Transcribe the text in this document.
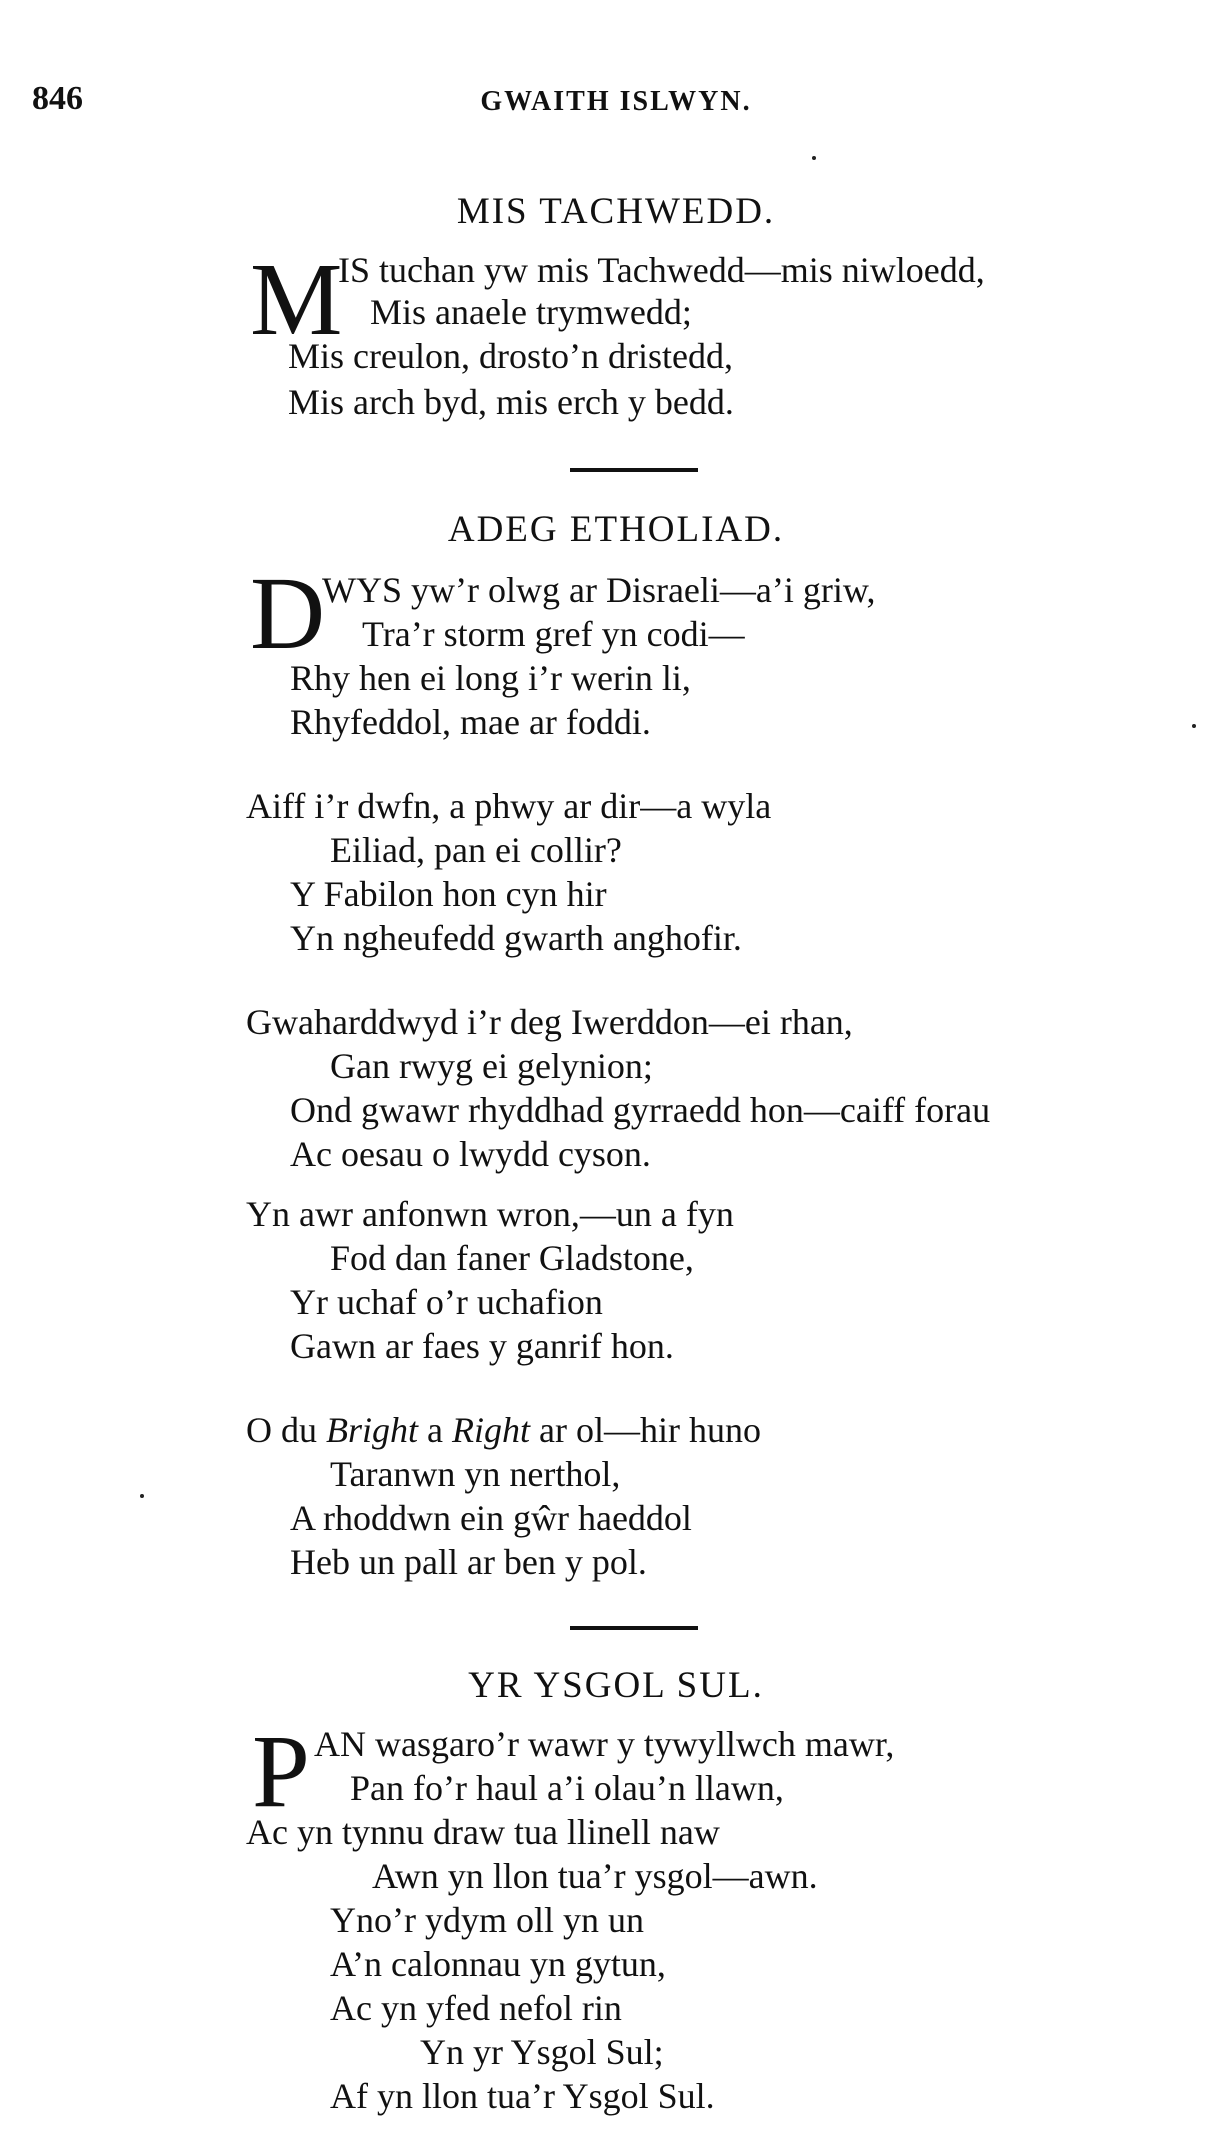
846	GWAITH ISLWYN.
MIS TACHWEDD.
M
IS tuchan yw mis Tachwedd—mis niwloedd,
Mis anaele trymwedd;
Mis creulon, drosto’n dristedd,
Mis arch byd, mis erch y bedd.
ADEG ETHOLIAD.
D
WYS yw’r olwg ar Disraeli—a’i griw,
Tra’r storm gref yn codi—
Rhy hen ei long i’r werin li,
Rhyfeddol, mae ar foddi.
Aiff i’r dwfn, a phwy ar dir—a wyla
Eiliad, pan ei collir?
Y Fabilon hon cyn hir
Yn ngheufedd gwarth anghofir.
Gwaharddwyd i’r deg Iwerddon—ei rhan,
Gan rwyg ei gelynion;
Ond gwawr rhyddhad gyrraedd hon—caiff forau
Ac oesau o lwydd cyson.
Yn awr anfonwn wron,—un a fyn
Fod dan faner Gladstone,
Yr uchaf o’r uchafion
Gawn ar faes y ganrif hon.
O du Bright a Right ar ol—hir huno
Taranwn yn nerthol,
A rhoddwn ein gŵr haeddol
Heb un pall ar ben y pol.
YR YSGOL SUL.
P AN wasgaro’r wawr y tywyllwch mawr,
Pan fo’r haul a’i olau’n llawn,
Ac yn tynnu draw tua llinell naw
Awn yn llon tua’r ysgol—awn.
Yno’r ydym oll yn un
A’n calonnau yn gytun,
Ac yn yfed nefol rin
Yn yr Ysgol Sul;
Af yn llon tua’r Ysgol Sul.
